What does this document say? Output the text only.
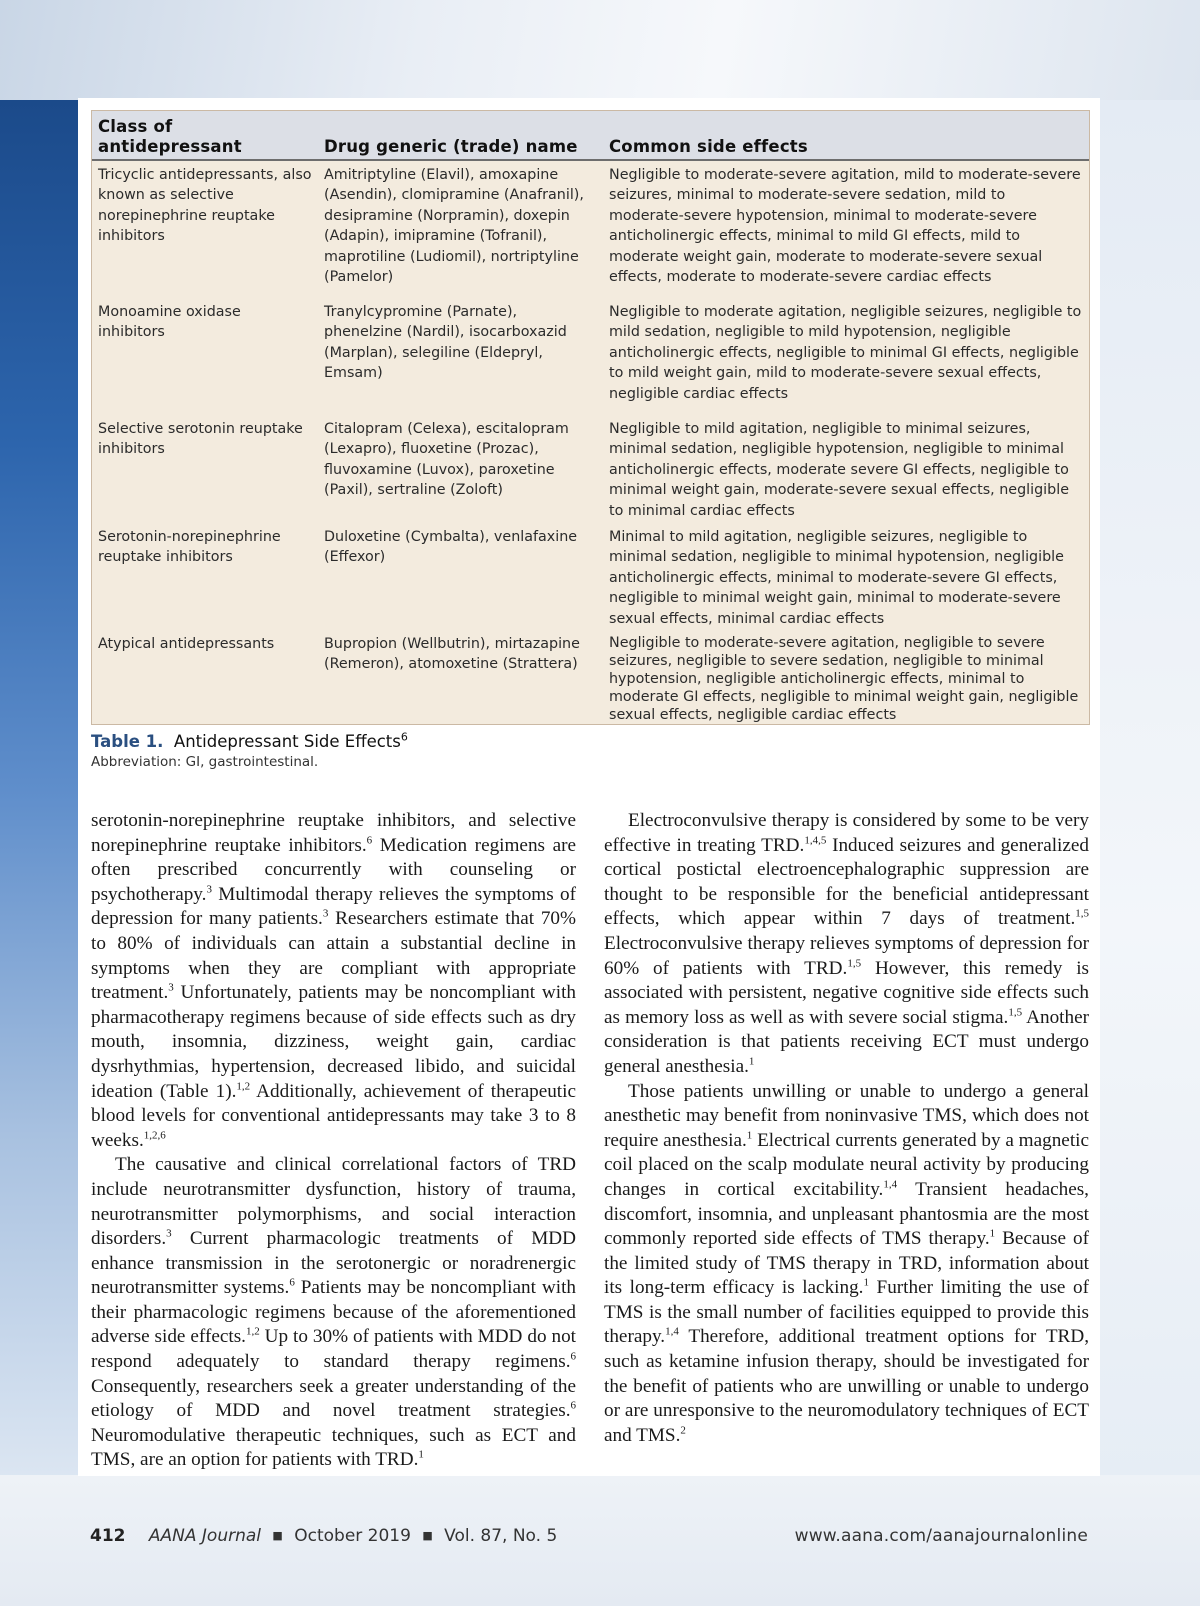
Class of antidepressant	Drug generic (trade) name	Common side effects
Tricyclic antidepressants, also known as selective norepinephrine reuptake inhibitors	Amitriptyline (Elavil), amoxapine (Asendin), clomipramine (Anafranil), desipramine (Norpramin), doxepin (Adapin), imipramine (Tofranil), maprotiline (Ludiomil), nortriptyline (Pamelor)	Negligible to moderate-severe agitation, mild to moderate-severe seizures, minimal to moderate-severe sedation, mild to moderate-severe hypotension, minimal to moderate-severe anticholinergic effects, minimal to mild GI effects, mild to moderate weight gain, moderate to moderate-severe sexual effects, moderate to moderate-severe cardiac effects
Monoamine oxidase inhibitors	Tranylcypromine (Parnate), phenelzine (Nardil), isocarboxazid (Marplan), selegiline (Eldepryl, Emsam)	Negligible to moderate agitation, negligible seizures, negligible to mild sedation, negligible to mild hypotension, negligible anticholinergic effects, negligible to minimal GI effects, negligible to mild weight gain, mild to moderate-severe sexual effects, negligible cardiac effects
Selective serotonin reuptake inhibitors	Citalopram (Celexa), escitalopram (Lexapro), fluoxetine (Prozac), fluvoxamine (Luvox), paroxetine (Paxil), sertraline (Zoloft)	Negligible to mild agitation, negligible to minimal seizures, minimal sedation, negligible hypotension, negligible to minimal anticholinergic effects, moderate severe GI effects, negligible to minimal weight gain, moderate-severe sexual effects, negligible to minimal cardiac effects
Serotonin-norepinephrine reuptake inhibitors	Duloxetine (Cymbalta), venlafaxine (Effexor)	Minimal to mild agitation, negligible seizures, negligible to minimal sedation, negligible to minimal hypotension, negligible anticholinergic effects, minimal to moderate-severe GI effects, negligible to minimal weight gain, minimal to moderate-severe sexual effects, minimal cardiac effects
Atypical antidepressants	Bupropion (Wellbutrin), mirtazapine (Remeron), atomoxetine (Strattera)	Negligible to moderate-severe agitation, negligible to severe seizures, negligible to severe sedation, negligible to minimal hypotension, negligible anticholinergic effects, minimal to moderate GI effects, negligible to minimal weight gain, negligible sexual effects, negligible cardiac effects
Table 1. Antidepressant Side Effects$^6$
Abbreviation: GI, gastrointestinal.

serotonin-norepinephrine reuptake inhibitors, and selective norepinephrine reuptake inhibitors.$^6$ Medication regimens are often prescribed concurrently with counseling or psychotherapy.$^3$ Multimodal therapy relieves the symptoms of depression for many patients.$^3$ Researchers estimate that 70% to 80% of individuals can attain a substantial decline in symptoms when they are compliant with appropriate treatment.$^3$ Unfortunately, patients may be noncompliant with pharmacotherapy regimens because of side effects such as dry mouth, insomnia, dizziness, weight gain, cardiac dysrhythmias, hypertension, decreased libido, and suicidal ideation (Table 1).$^{1,2}$ Additionally, achievement of therapeutic blood levels for conventional antidepressants may take 3 to 8 weeks.$^{1,2,6}$

The causative and clinical correlational factors of TRD include neurotransmitter dysfunction, history of trauma, neurotransmitter polymorphisms, and social interaction disorders.$^3$ Current pharmacologic treatments of MDD enhance transmission in the serotonergic or noradrenergic neurotransmitter systems.$^6$ Patients may be noncompliant with their pharmacologic regimens because of the aforementioned adverse side effects.$^{1,2}$ Up to 30% of patients with MDD do not respond adequately to standard therapy regimens.$^6$ Consequently, researchers seek a greater understanding of the etiology of MDD and novel treatment strategies.$^6$ Neuromodulative therapeutic techniques, such as ECT and TMS, are an option for patients with TRD.$^1$

Electroconvulsive therapy is considered by some to be very effective in treating TRD.$^{1,4,5}$ Induced seizures and generalized cortical postictal electroencephalographic suppression are thought to be responsible for the beneficial antidepressant effects, which appear within 7 days of treatment.$^{1,5}$ Electroconvulsive therapy relieves symptoms of depression for 60% of patients with TRD.$^{1,5}$ However, this remedy is associated with persistent, negative cognitive side effects such as memory loss as well as with severe social stigma.$^{1,5}$ Another consideration is that patients receiving ECT must undergo general anesthesia.$^1$

Those patients unwilling or unable to undergo a general anesthetic may benefit from noninvasive TMS, which does not require anesthesia.$^1$ Electrical currents generated by a magnetic coil placed on the scalp modulate neural activity by producing changes in cortical excitability.$^{1,4}$ Transient headaches, discomfort, insomnia, and unpleasant phantosmia are the most commonly reported side effects of TMS therapy.$^1$ Because of the limited study of TMS therapy in TRD, information about its long-term efficacy is lacking.$^1$ Further limiting the use of TMS is the small number of facilities equipped to provide this therapy.$^{1,4}$ Therefore, additional treatment options for TRD, such as ketamine infusion therapy, should be investigated for the benefit of patients who are unwilling or unable to undergo or are unresponsive to the neuromodulatory techniques of ECT and TMS.$^2$

412 AANA Journal ■ October 2019 ■ Vol. 87, No. 5	www.aana.com/aanajournalonline
